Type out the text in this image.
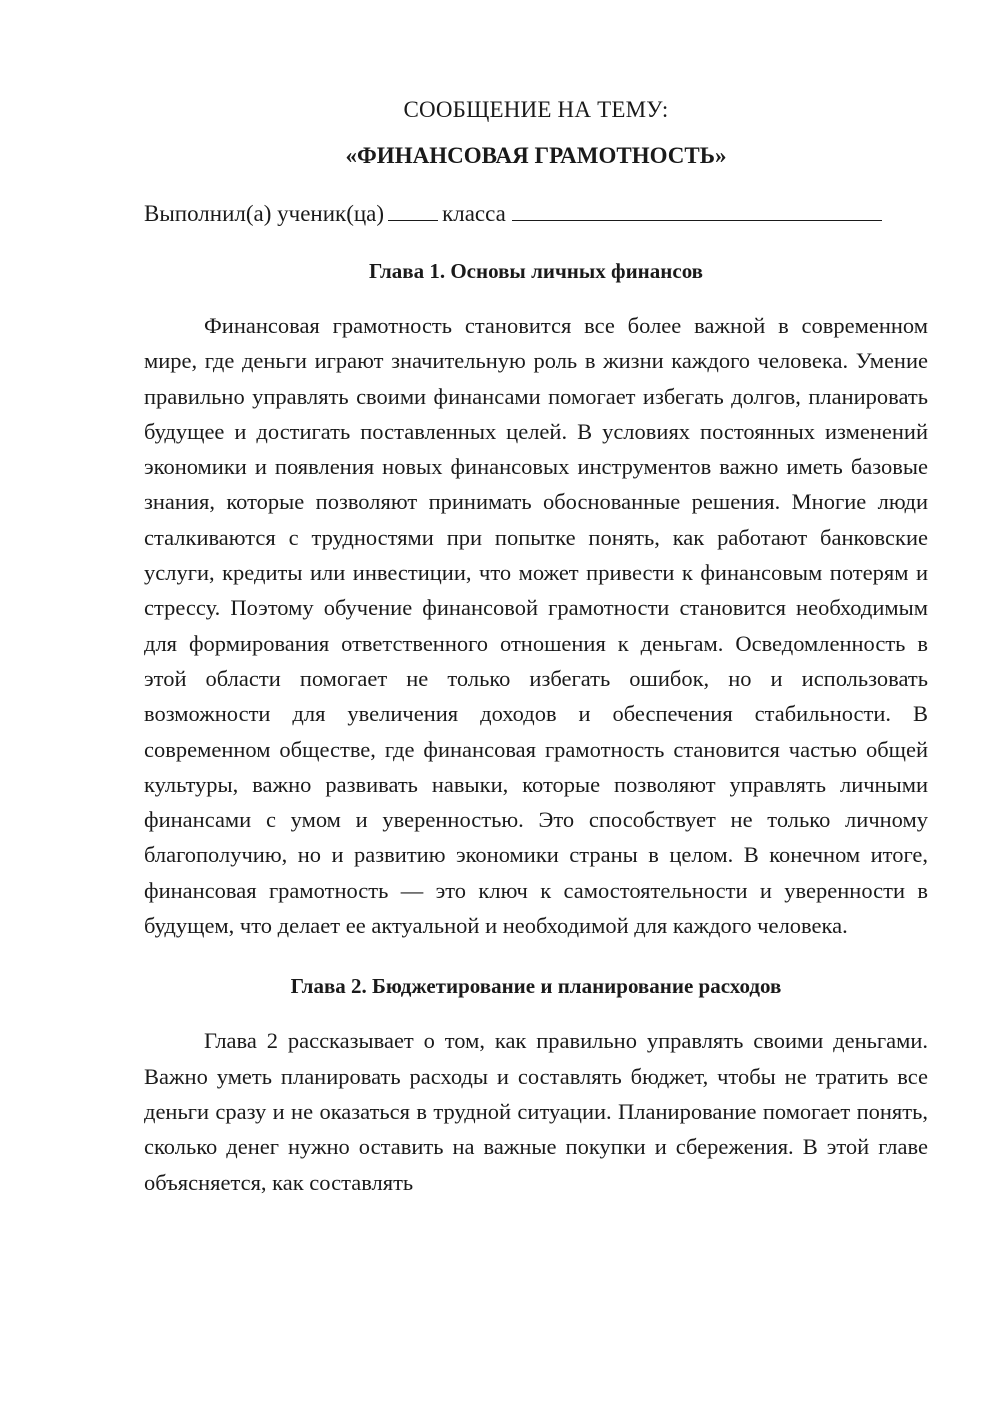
СООБЩЕНИЕ НА ТЕМУ:
«ФИНАНСОВАЯ ГРАМОТНОСТЬ»

Выполнил(а) ученик(ца)	класса

Глава 1. Основы личных финансов

Финансовая грамотность становится все более важной в современном мире, где деньги играют значительную роль в жизни каждого человека. Умение правильно управлять своими финансами помогает избегать долгов, планировать будущее и достигать поставленных целей. В условиях постоянных изменений экономики и появления новых финансовых инструментов важно иметь базовые знания, которые позволяют принимать обоснованные решения. Многие люди сталкиваются с трудностями при попытке понять, как работают банковские услуги, кредиты или инвестиции, что может привести к финансовым потерям и стрессу. Поэтому обучение финансовой грамотности становится необходимым для формирования ответственного отношения к деньгам. Осведомленность в этой области помогает не только избегать ошибок, но и использовать возможности для увеличения доходов и обеспечения стабильности. В современном обществе, где финансовая грамотность становится частью общей культуры, важно развивать навыки, которые позволяют управлять личными финансами с умом и уверенностью. Это способствует не только личному благополучию, но и развитию экономики страны в целом. В конечном итоге, финансовая грамотность — это ключ к самостоятельности и уверенности в будущем, что делает ее актуальной и необходимой для каждого человека.

Глава 2. Бюджетирование и планирование расходов

Глава 2 рассказывает о том, как правильно управлять своими деньгами. Важно уметь планировать расходы и составлять бюджет, чтобы не тратить все деньги сразу и не оказаться в трудной ситуации. Планирование помогает понять, сколько денег нужно оставить на важные покупки и сбережения. В этой главе объясняется, как составлять
